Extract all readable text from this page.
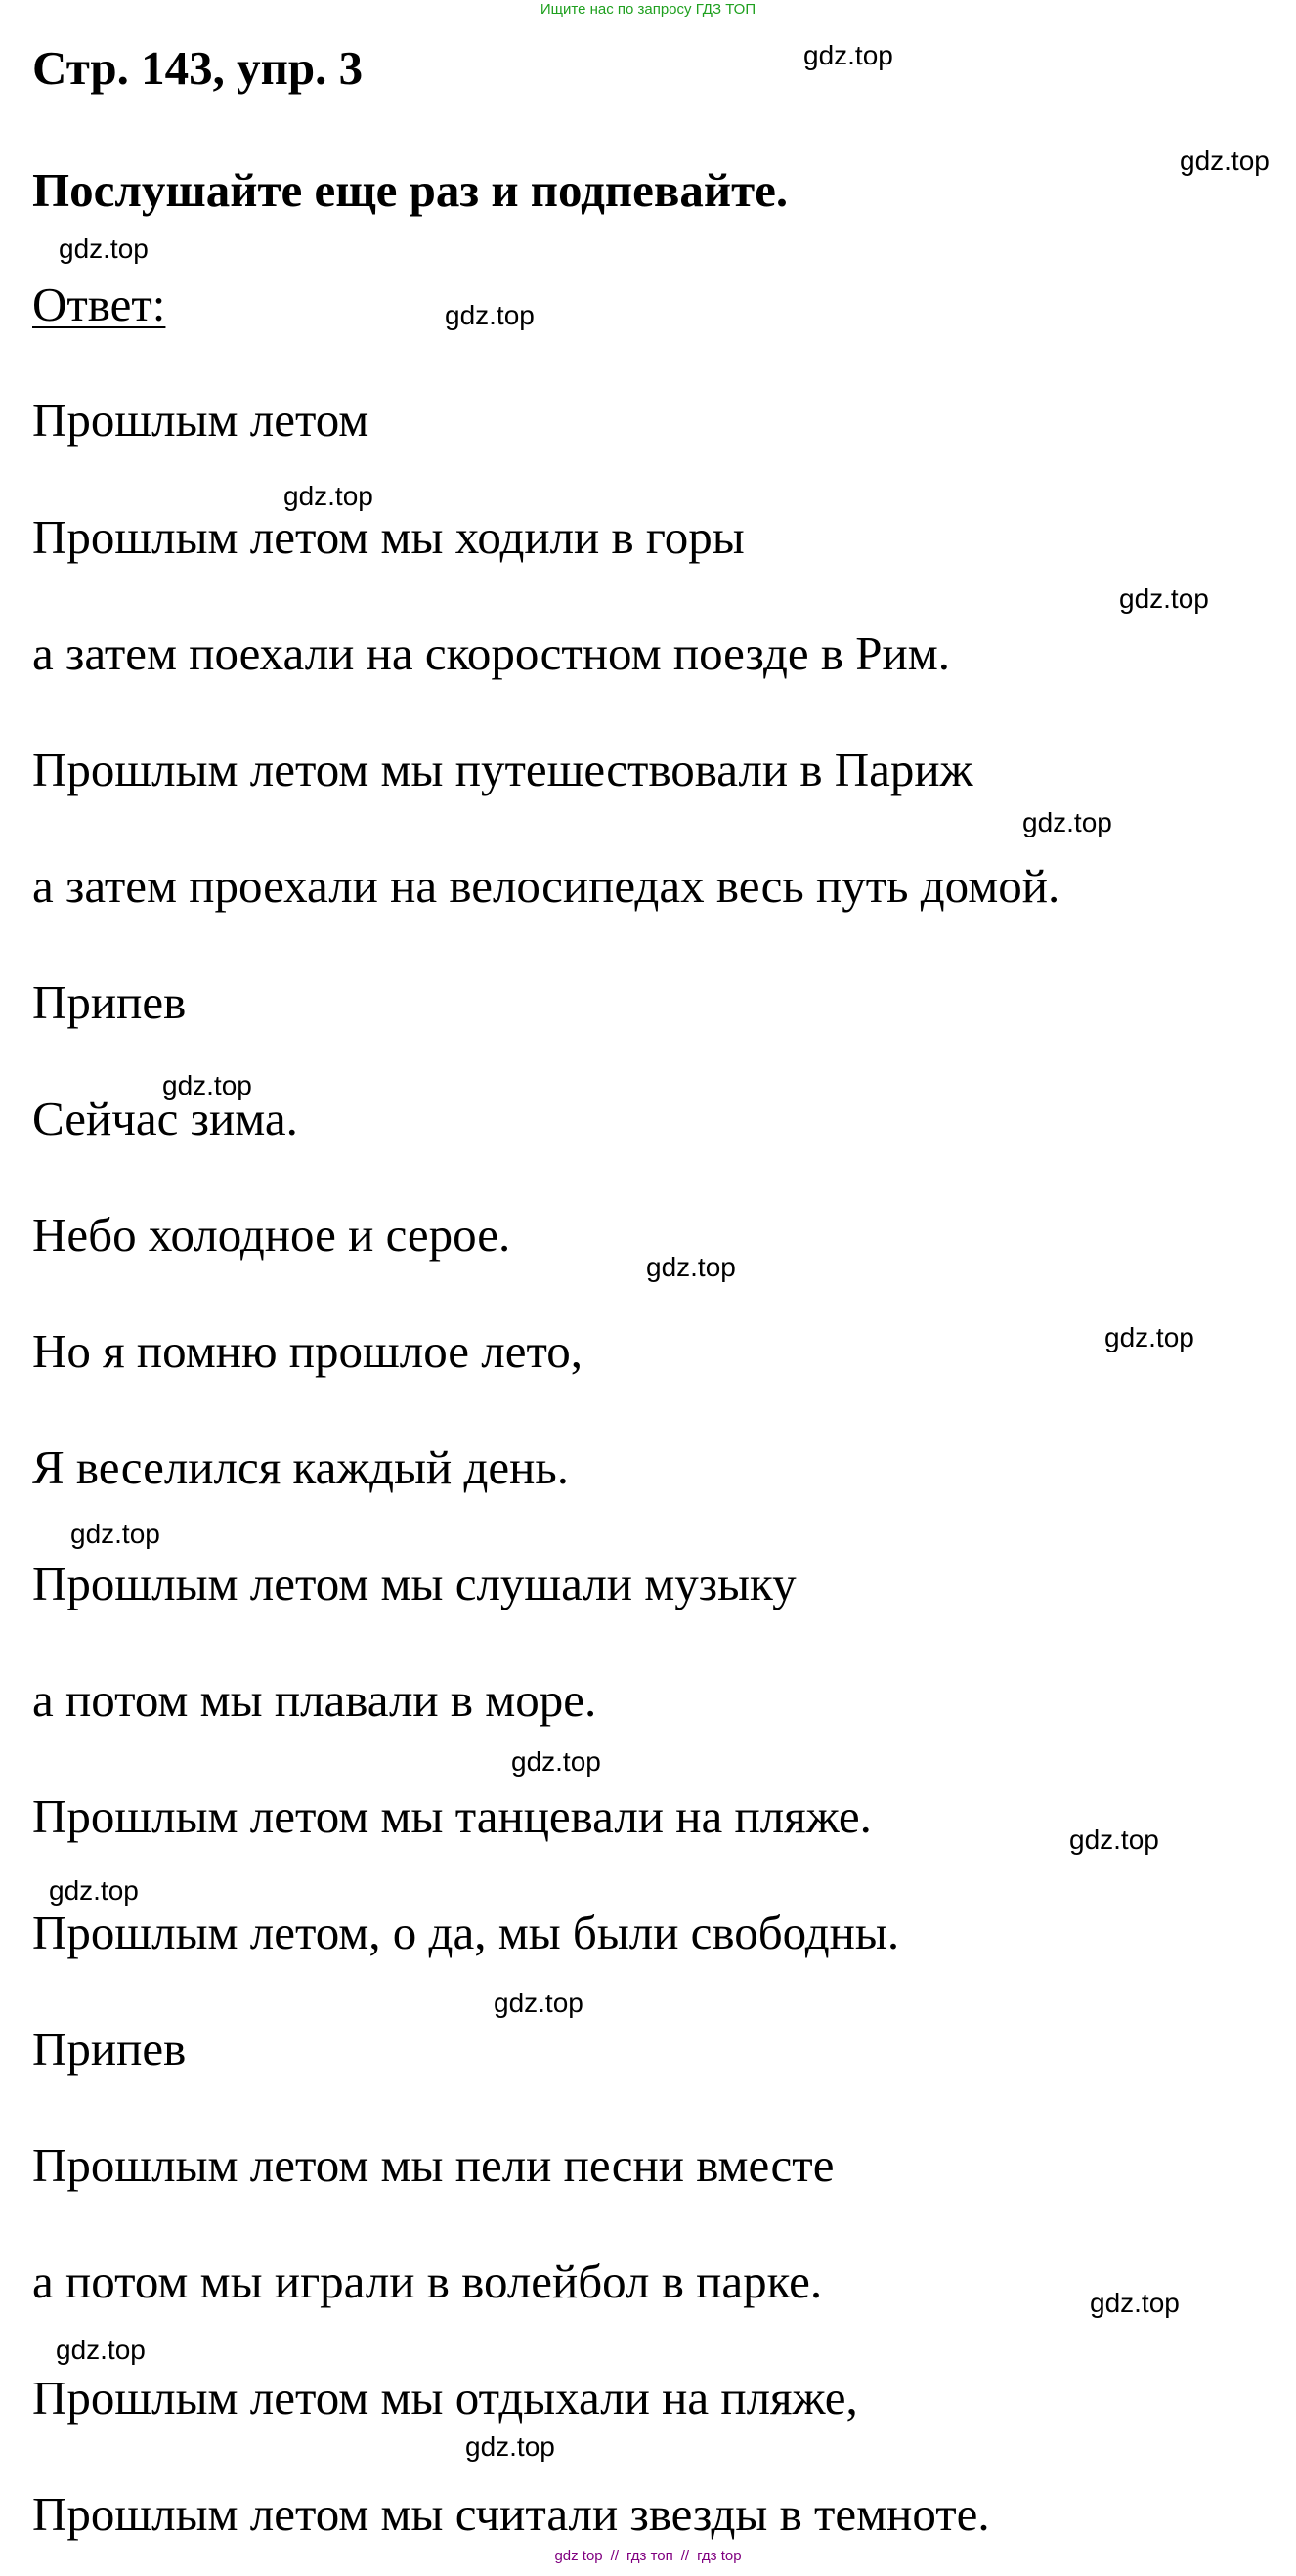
Ищите нас по запросу ГДЗ ТОП
Стр. 143, упр. 3
Послушайте еще раз и подпевайте.
Ответ:
Прошлым летом
Прошлым летом мы ходили в горы
а затем поехали на скоростном поезде в Рим.
Прошлым летом мы путешествовали в Париж
а затем проехали на велосипедах весь путь домой.
Припев
Сейчас зима.
Небо холодное и серое.
Но я помню прошлое лето,
Я веселился каждый день.
Прошлым летом мы слушали музыку
а потом мы плавали в море.
Прошлым летом мы танцевали на пляже.
Прошлым летом, о да, мы были свободны.
Припев
Прошлым летом мы пели песни вместе
а потом мы играли в волейбол в парке.
Прошлым летом мы отдыхали на пляже,
Прошлым летом мы считали звезды в темноте.
gdz.top
gdz.top
gdz.top
gdz.top
gdz.top
gdz.top
gdz.top
gdz.top
gdz.top
gdz.top
gdz.top
gdz.top
gdz.top
gdz.top
gdz.top
gdz.top
gdz.top
gdz.top
gdz top // гдз топ // гдз top
